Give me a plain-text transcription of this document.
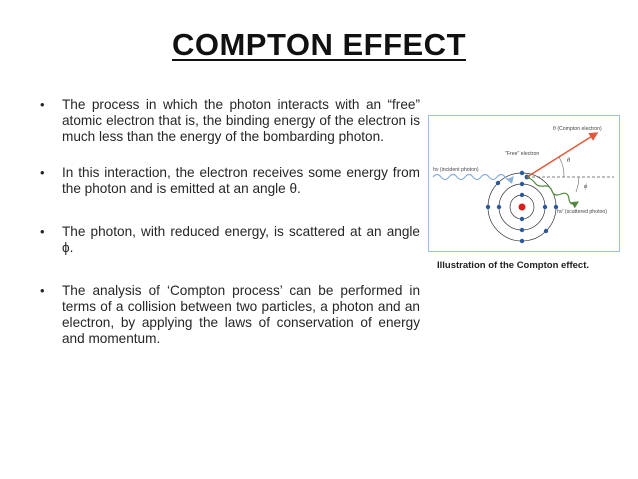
COMPTON EFFECT
• The process in which the photon interacts with an “free” atomic electron that is, the binding energy of the electron is much less than the energy of the bombarding photon.
• In this interaction, the electron receives some energy from the photon and is emitted at an angle θ.
• The photon, with reduced energy, is scattered at an angle ϕ.
• The analysis of ‘Compton process’ can be performed in terms of a collision between two particles, a photon and an electron, by applying the laws of conservation of energy and momentum.
θ (Compton electron)
"Free" electron
hν (incident photon)
hν' (scattered photon)
θ
ϕ
Illustration of the Compton effect.
